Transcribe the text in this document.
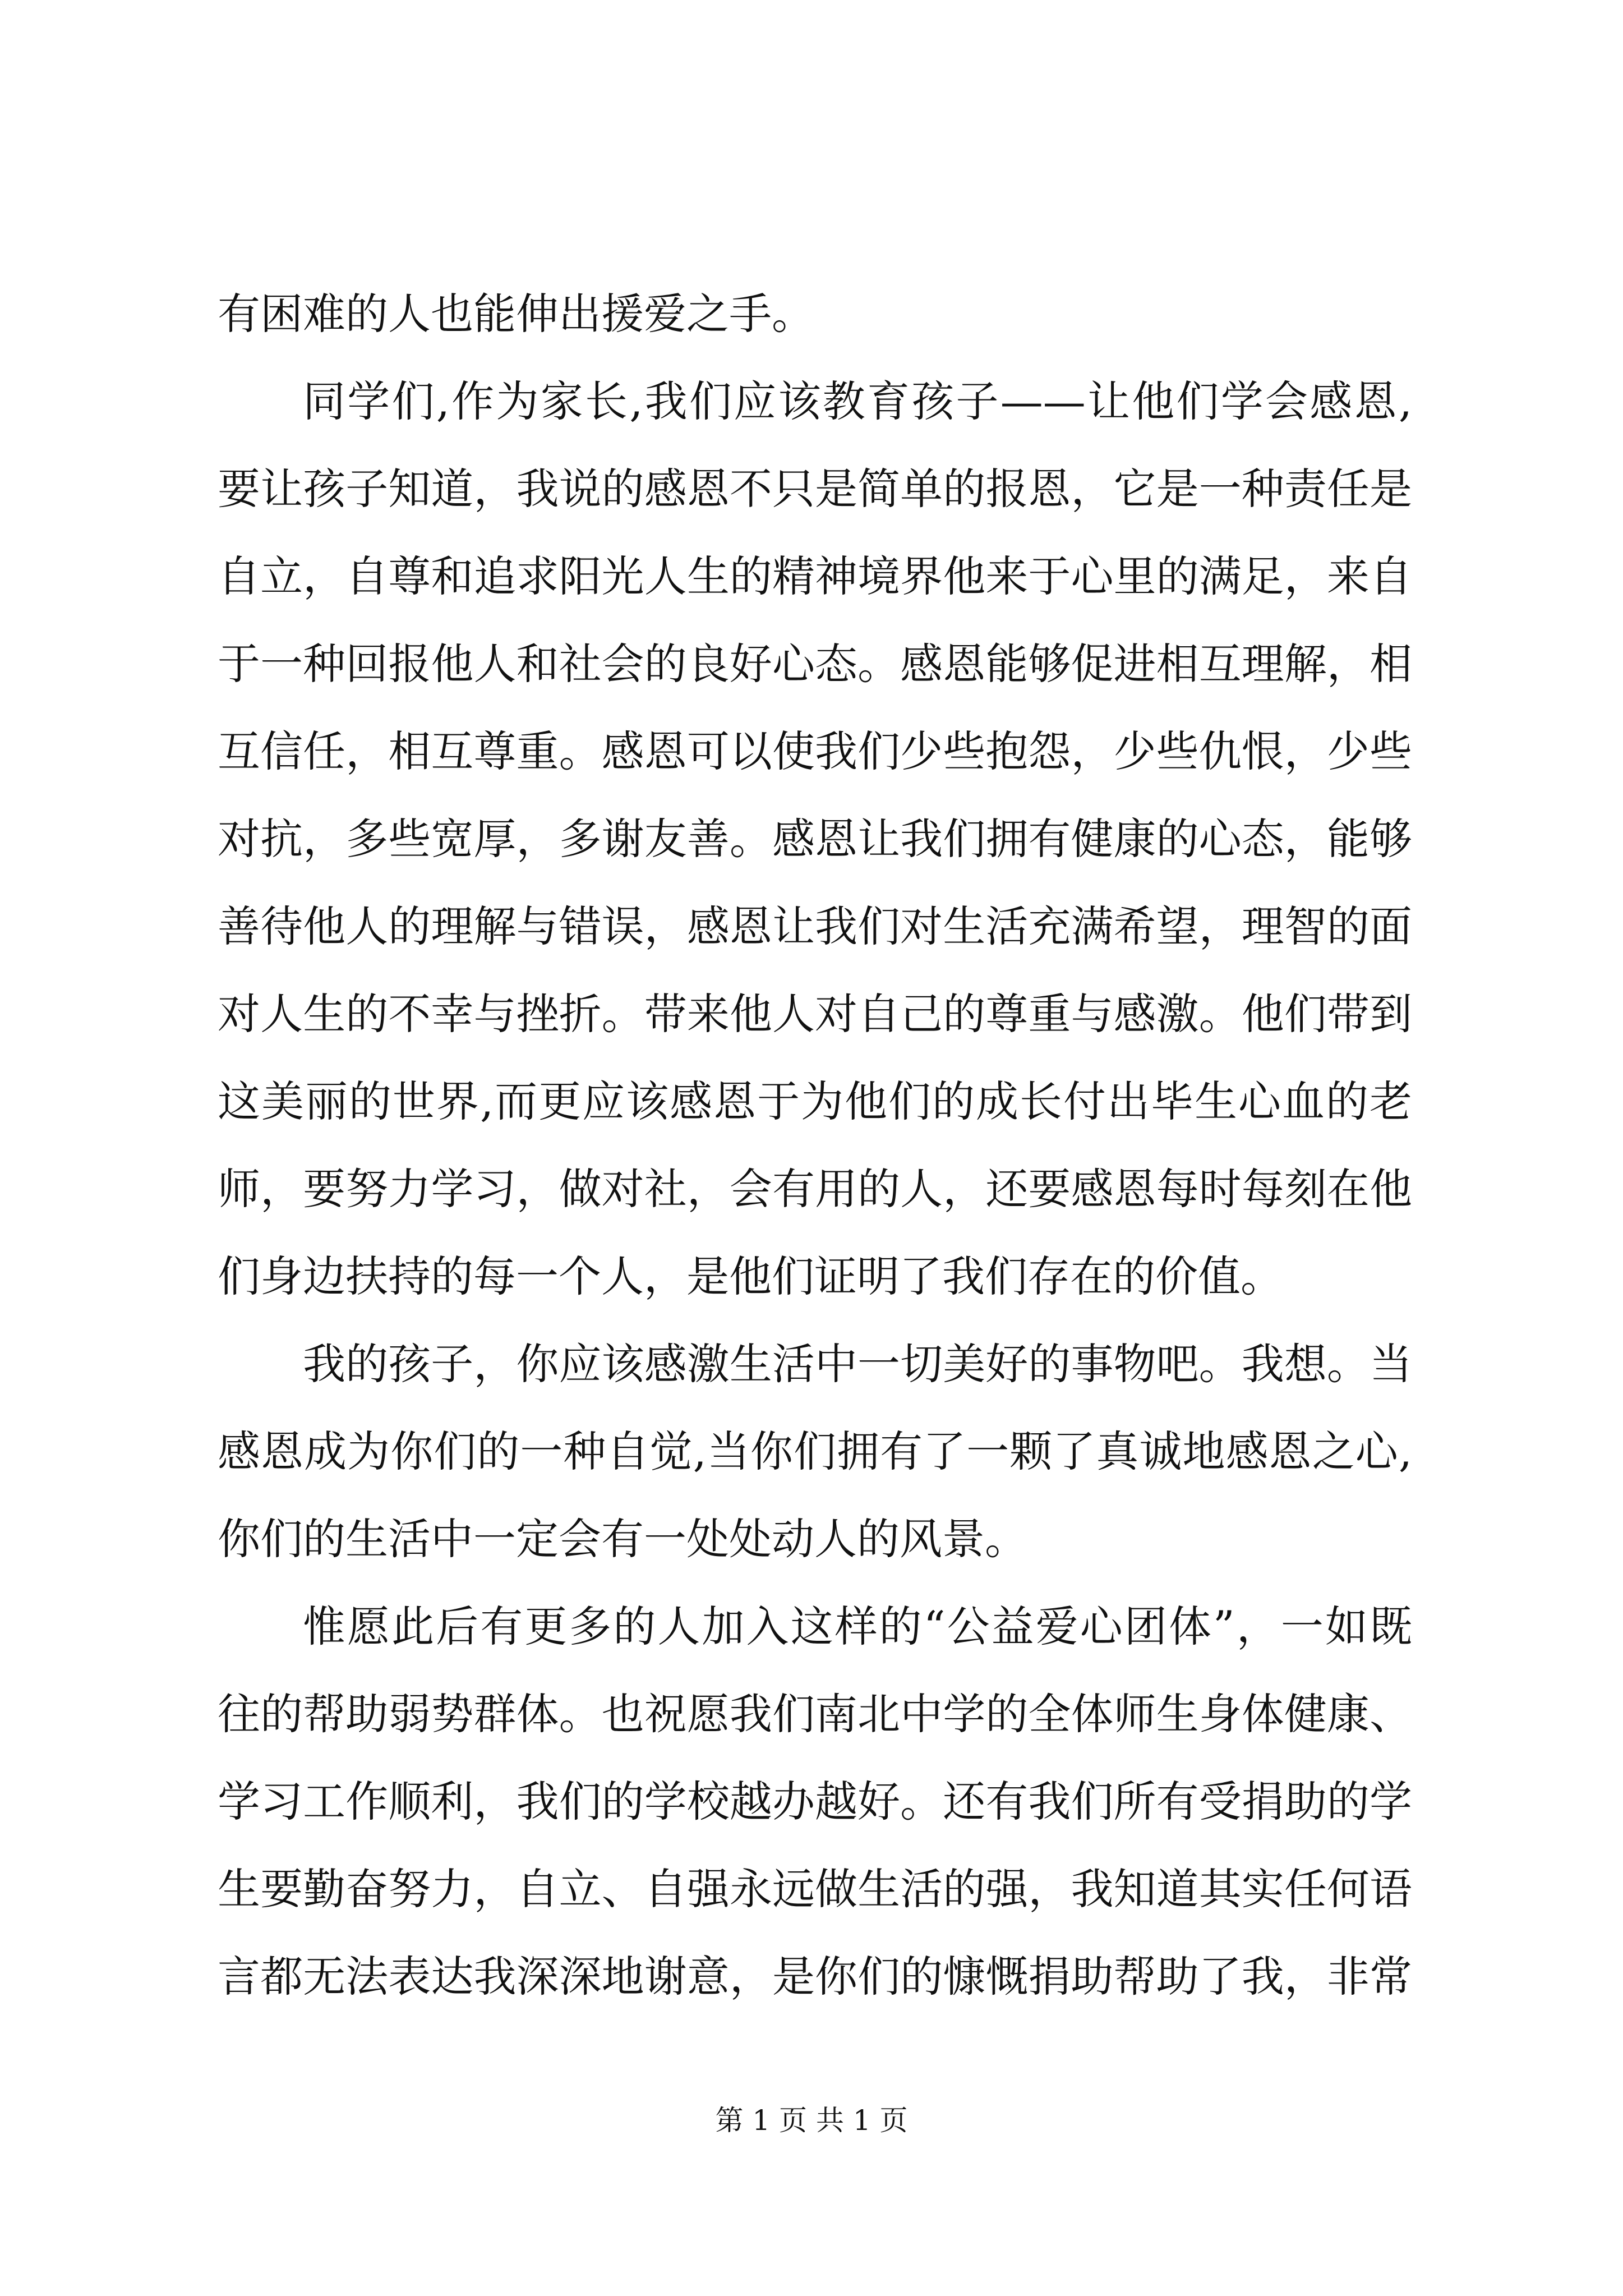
有困难的人也能伸出援爱之手。
同学们,作为家长,我们应该教育孩子——让他们学会感恩,
要让孩子知道，我说的感恩不只是简单的报恩，它是一种责任是
自立，自尊和追求阳光人生的精神境界他来于心里的满足，来自
于一种回报他人和社会的良好心态。感恩能够促进相互理解，相
互信任，相互尊重。感恩可以使我们少些抱怨，少些仇恨，少些
对抗，多些宽厚，多谢友善。感恩让我们拥有健康的心态，能够
善待他人的理解与错误，感恩让我们对生活充满希望，理智的面
对人生的不幸与挫折。带来他人对自己的尊重与感激。他们带到
这美丽的世界,而更应该感恩于为他们的成长付出毕生心血的老
师，要努力学习，做对社，会有用的人，还要感恩每时每刻在他
们身边扶持的每一个人，是他们证明了我们存在的价值。
我的孩子，你应该感激生活中一切美好的事物吧。我想。当
感恩成为你们的一种自觉,当你们拥有了一颗了真诚地感恩之心,
你们的生活中一定会有一处处动人的风景。
惟愿此后有更多的人加入这样的“公益爱心团体”，一如既
往的帮助弱势群体。也祝愿我们南北中学的全体师生身体健康、
学习工作顺利，我们的学校越办越好。还有我们所有受捐助的学
生要勤奋努力，自立、自强永远做生活的强，我知道其实任何语
言都无法表达我深深地谢意，是你们的慷慨捐助帮助了我，非常
第 1 页 共 1 页
